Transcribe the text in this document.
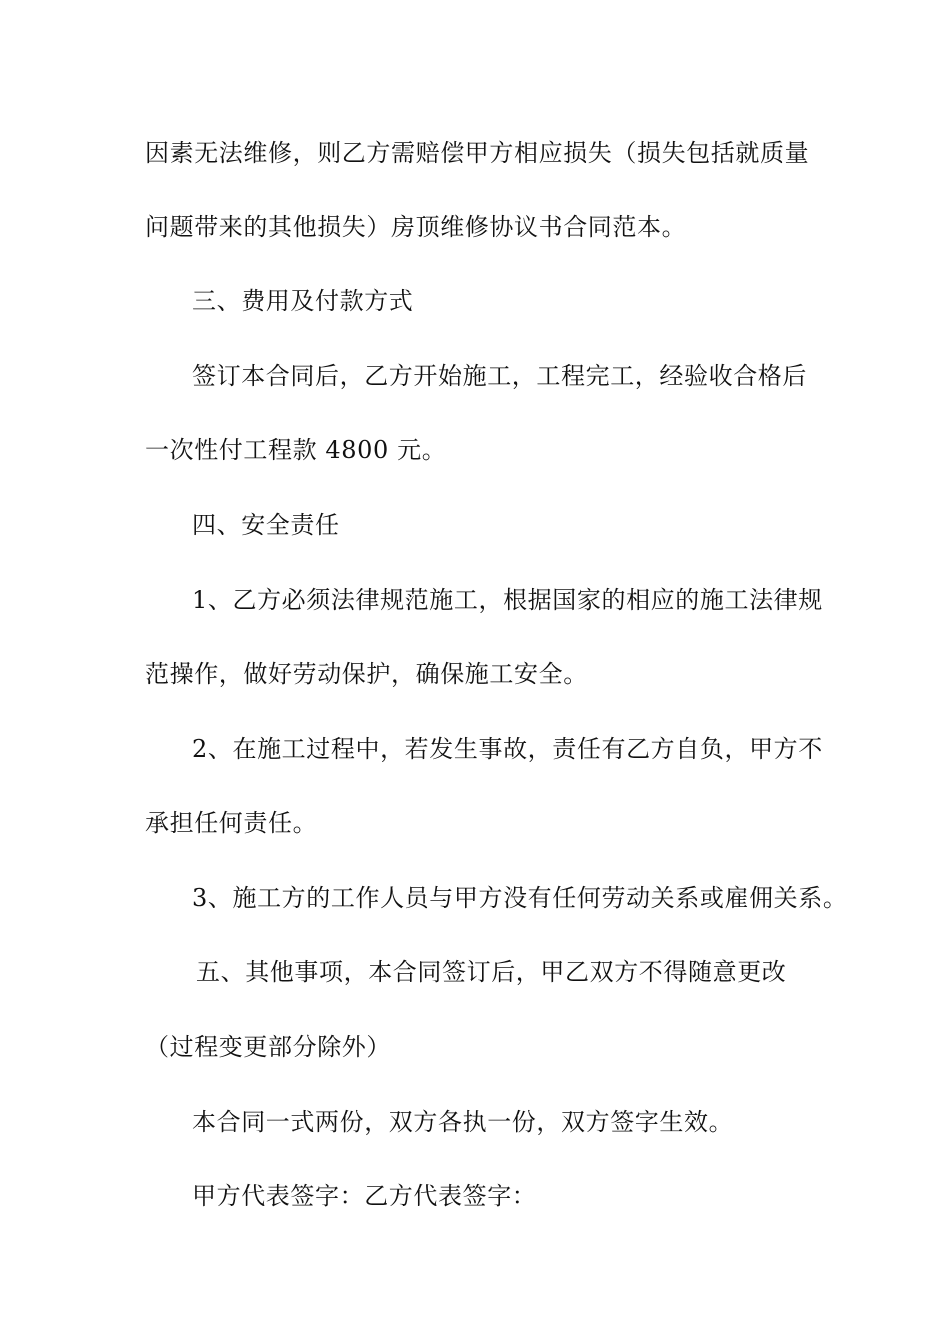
因素无法维修，则乙方需赔偿甲方相应损失（损失包括就质量
问题带来的其他损失）房顶维修协议书合同范本。
三、费用及付款方式
签订本合同后，乙方开始施工，工程完工，经验收合格后
一次性付工程款 4800 元。
四、安全责任
1、乙方必须法律规范施工，根据国家的相应的施工法律规
范操作，做好劳动保护，确保施工安全。
2、在施工过程中，若发生事故，责任有乙方自负，甲方不
承担任何责任。
3、施工方的工作人员与甲方没有任何劳动关系或雇佣关系。
五、其他事项，本合同签订后，甲乙双方不得随意更改
（过程变更部分除外）
本合同一式两份，双方各执一份，双方签字生效。
甲方代表签字：乙方代表签字：
